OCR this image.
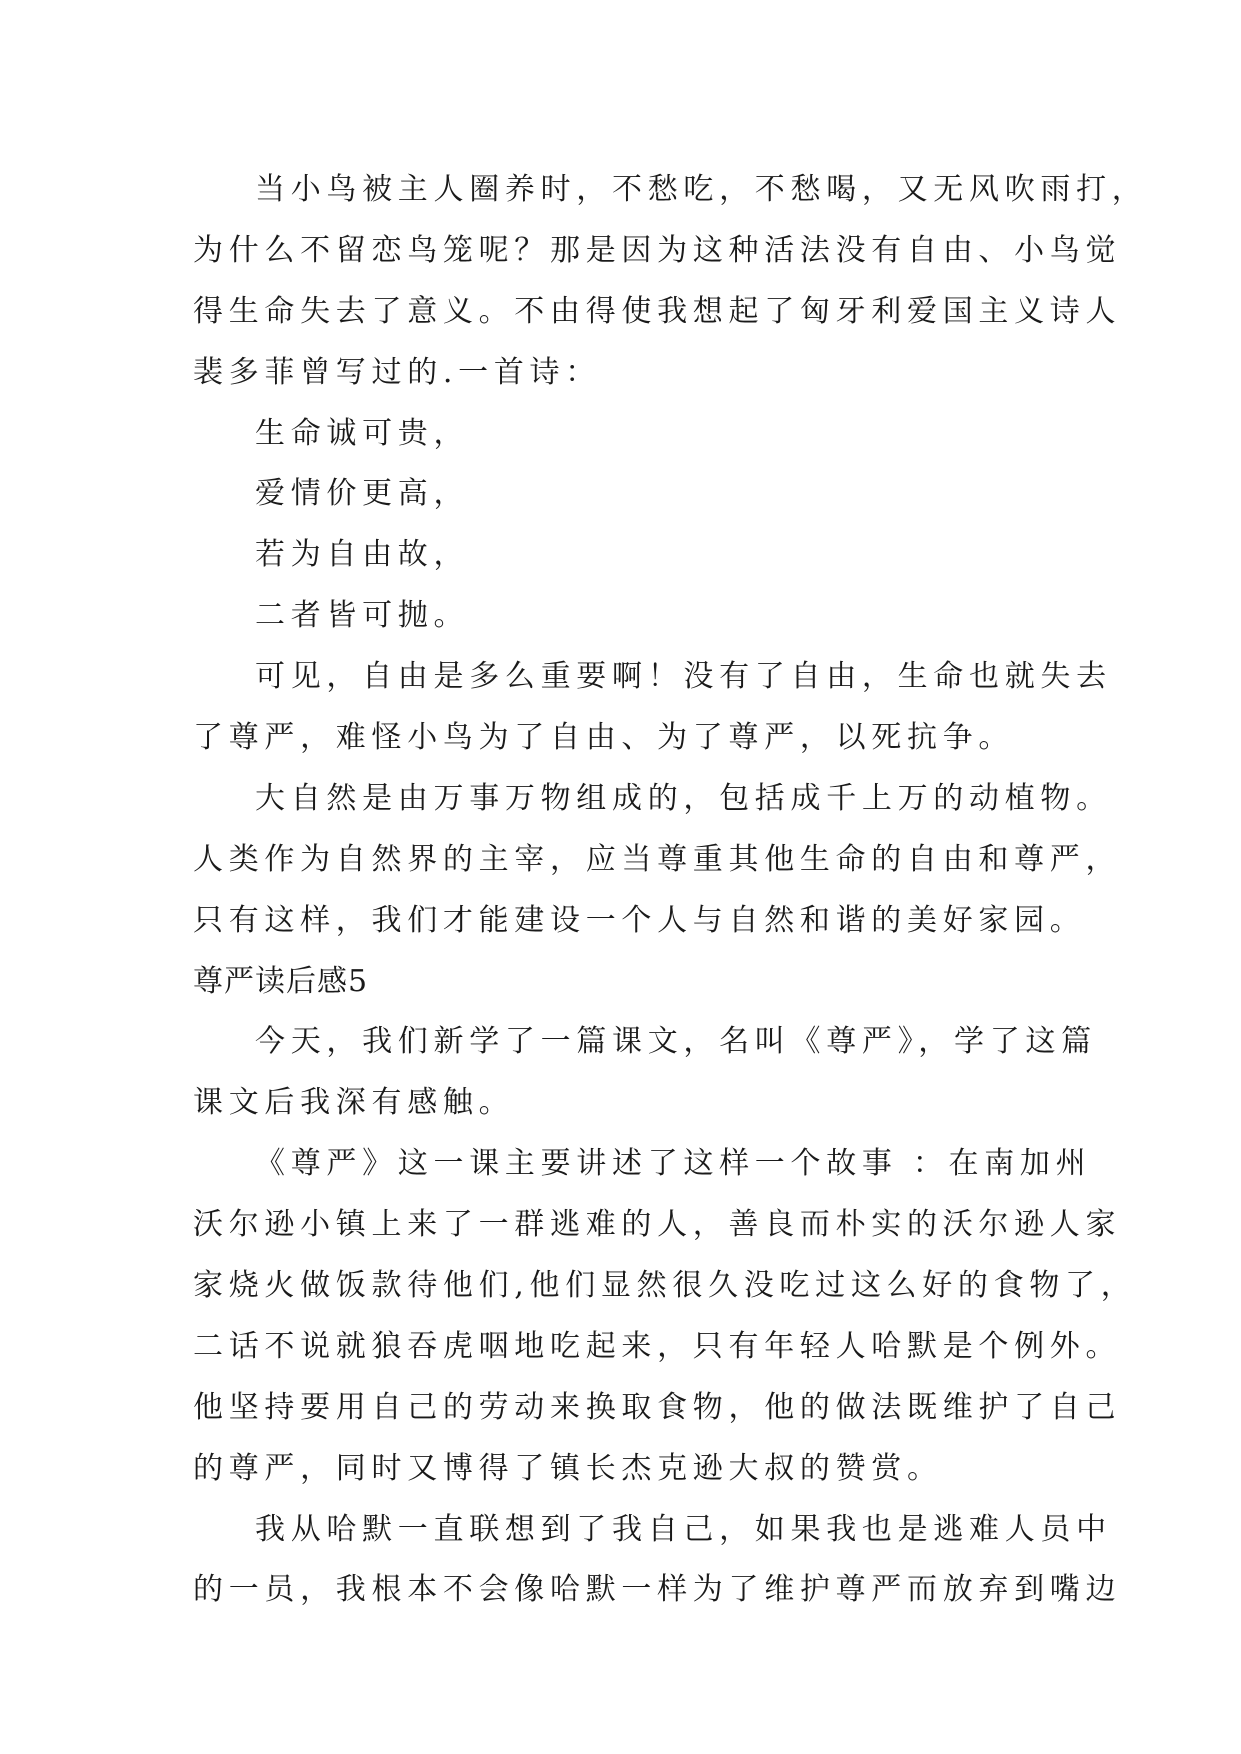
当小鸟被主人圈养时，不愁吃，不愁喝，又无风吹雨打，
为什么不留恋鸟笼呢？那是因为这种活法没有自由、小鸟觉
得生命失去了意义。不由得使我想起了匈牙利爱国主义诗人
裴多菲曾写过的.一首诗：
生命诚可贵，
爱情价更高，
若为自由故，
二者皆可抛。
可见，自由是多么重要啊！没有了自由，生命也就失去
了尊严，难怪小鸟为了自由、为了尊严，以死抗争。
大自然是由万事万物组成的，包括成千上万的动植物。
人类作为自然界的主宰，应当尊重其他生命的自由和尊严，
只有这样，我们才能建设一个人与自然和谐的美好家园。
尊严读后感5
今天，我们新学了一篇课文，名叫《尊严》，学了这篇
课文后我深有感触。
《尊严》这一课主要讲述了这样一个故事 ：在南加州
沃尔逊小镇上来了一群逃难的人，善良而朴实的沃尔逊人家
家烧火做饭款待他们,他们显然很久没吃过这么好的食物了，
二话不说就狼吞虎咽地吃起来，只有年轻人哈默是个例外。
他坚持要用自己的劳动来换取食物，他的做法既维护了自己
的尊严，同时又博得了镇长杰克逊大叔的赞赏。
我从哈默一直联想到了我自己，如果我也是逃难人员中
的一员，我根本不会像哈默一样为了维护尊严而放弃到嘴边
